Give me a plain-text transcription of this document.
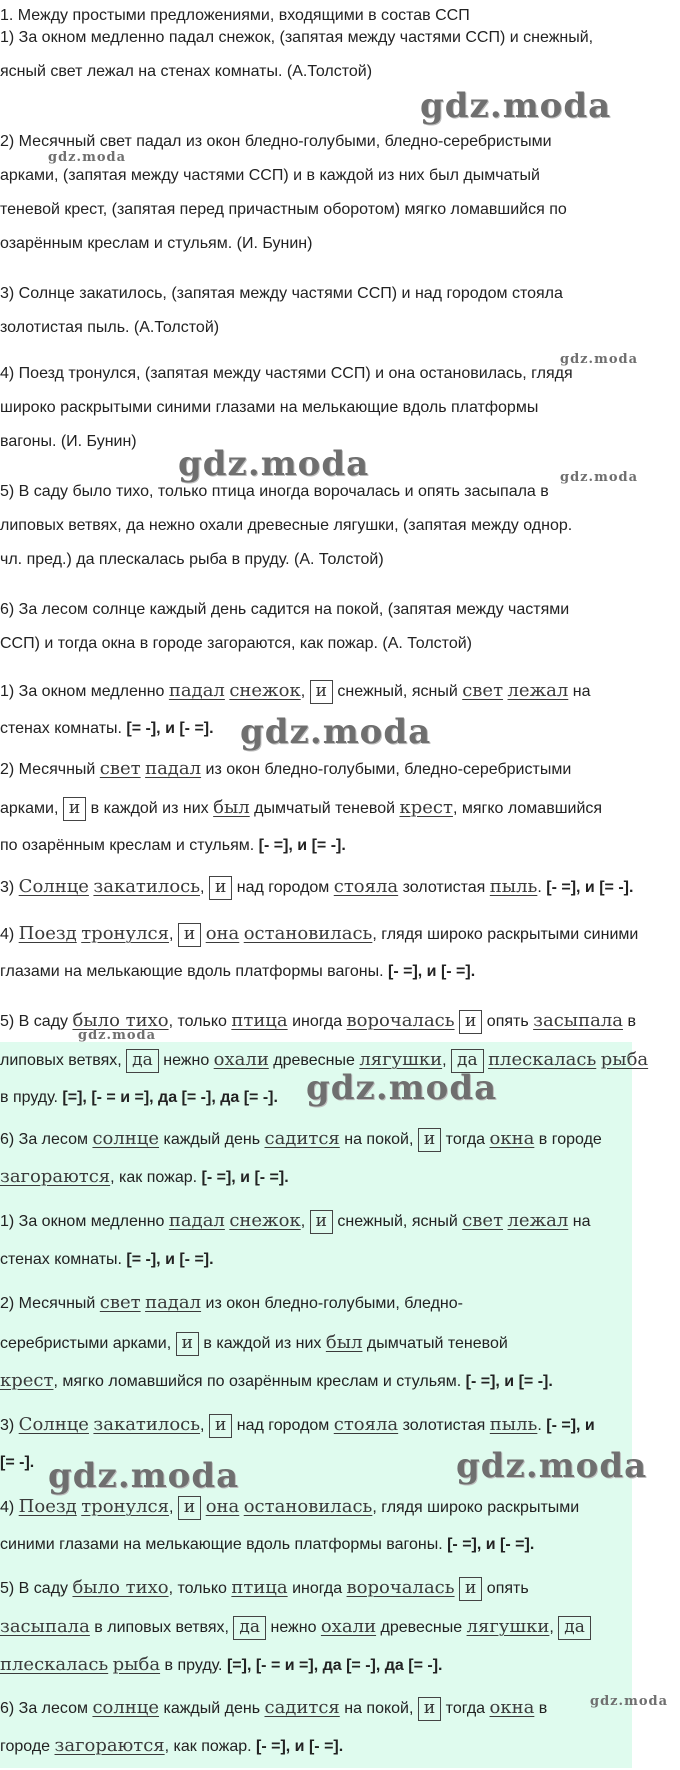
1. Между простыми предложениями, входящими в состав ССП
1) За окном медленно падал снежок, (запятая между частями ССП) и снежный,
ясный свет лежал на стенах комнаты. (А.Толстой)
2) Месячный свет падал из окон бледно-голубыми, бледно-серебристыми
арками, (запятая между частями ССП) и в каждой из них был дымчатый
теневой крест, (запятая перед причастным оборотом) мягко ломавшийся по
озарённым креслам и стульям. (И. Бунин)
3) Солнце закатилось, (запятая между частями ССП) и над городом стояла
золотистая пыль. (А.Толстой)
4) Поезд тронулся, (запятая между частями ССП) и она остановилась, глядя
широко раскрытыми синими глазами на мелькающие вдоль платформы
вагоны. (И. Бунин)
5) В саду было тихо, только птица иногда ворочалась и опять засыпала в
липовых ветвях, да нежно охали древесные лягушки, (запятая между однор.
чл. пред.) да плескалась рыба в пруду. (А. Толстой)
6) За лесом солнце каждый день садится на покой, (запятая между частями
ССП) и тогда окна в городе загораются, как пожар. (А. Толстой)
1) За окном медленно падал снежок, и снежный, ясный свет лежал на
стенах комнаты. [= -], и [- =].
2) Месячный свет падал из окон бледно-голубыми, бледно-серебристыми
арками, и в каждой из них был дымчатый теневой крест, мягко ломавшийся
по озарённым креслам и стульям. [- =], и [= -].
3) Солнце закатилось, и над городом стояла золотистая пыль. [- =], и [= -].
4) Поезд тронулся, и она остановилась, глядя широко раскрытыми синими
глазами на мелькающие вдоль платформы вагоны. [- =], и [- =].
5) В саду было тихо, только птица иногда ворочалась и опять засыпала в
липовых ветвях, да нежно охали древесные лягушки, да плескалась рыба
в пруду. [=], [- = и =], да [= -], да [= -].
6) За лесом солнце каждый день садится на покой, и тогда окна в городе
загораются, как пожар. [- =], и [- =].
1) За окном медленно падал снежок, и снежный, ясный свет лежал на
стенах комнаты. [= -], и [- =].
2) Месячный свет падал из окон бледно-голубыми, бледно-
серебристыми арками, и в каждой из них был дымчатый теневой
крест, мягко ломавшийся по озарённым креслам и стульям. [- =], и [= -].
3) Солнце закатилось, и над городом стояла золотистая пыль. [- =], и
[= -].
4) Поезд тронулся, и она остановилась, глядя широко раскрытыми
синими глазами на мелькающие вдоль платформы вагоны. [- =], и [- =].
5) В саду было тихо, только птица иногда ворочалась и опять
засыпала в липовых ветвях, да нежно охали древесные лягушки, да
плескалась рыба в пруду. [=], [- = и =], да [= -], да [= -].
6) За лесом солнце каждый день садится на покой, и тогда окна в
городе загораются, как пожар. [- =], и [- =].
gdz.moda
gdz.moda
gdz.moda
gdz.moda	gdz.moda
gdz.moda
gdz.moda
gdz.moda
gdz.moda	gdz.moda
gdz.moda
